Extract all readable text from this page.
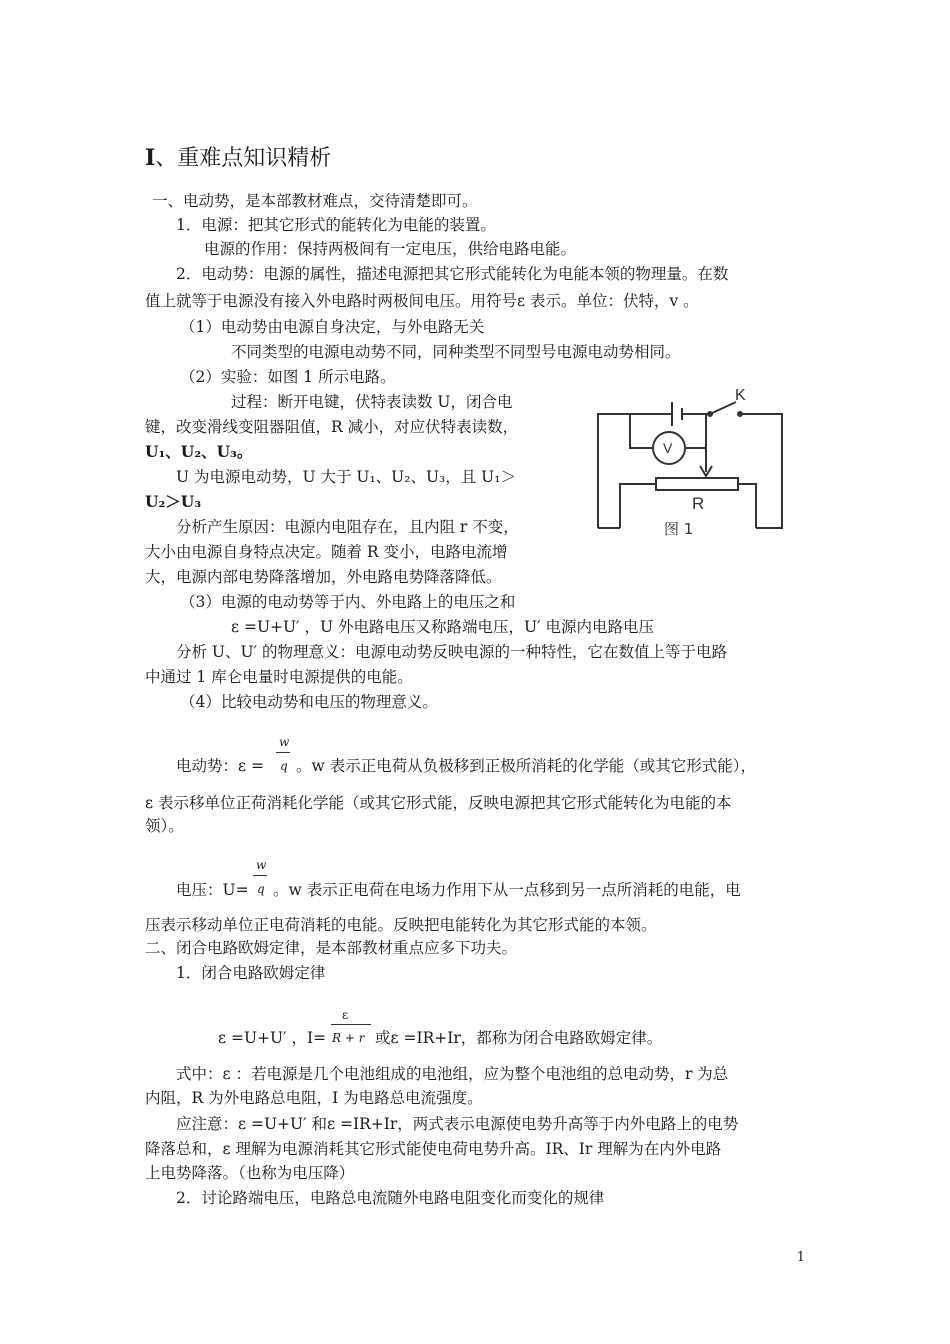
I、重难点知识精析
一、电动势，是本部教材难点，交待清楚即可。
1．电源：把其它形式的能转化为电能的装置。
电源的作用：保持两极间有一定电压，供给电路电能。
2．电动势：电源的属性，描述电源把其它形式能转化为电能本领的物理量。在数
值上就等于电源没有接入外电路时两极间电压。用符号ε 表示。单位：伏特，v 。
（1）电动势由电源自身决定，与外电路无关
不同类型的电源电动势不同，同种类型不同型号电源电动势相同。
（2）实验：如图 1 所示电路。
过程：断开电键，伏特表读数 U，闭合电
键，改变滑线变阻器阻值，R 减小，对应伏特表读数，
U₁、U₂、U₃。
U 为电源电动势，U 大于 U₁、U₂、U₃，且 U₁＞
U₂＞U₃
分析产生原因：电源内电阻存在，且内阻 r 不变，
大小由电源自身特点决定。随着 R 变小，电路电流增
大，电源内部电势降落增加，外电路电势降落降低。
（3）电源的电动势等于内、外电路上的电压之和
ε =U+U′ ，U 外电路电压又称路端电压，U′ 电源内电路电压
分析 U、U′ 的物理意义：电源电动势反映电源的一种特性，它在数值上等于电路
中通过 1 库仑电量时电源提供的电能。
（4）比较电动势和电压的物理意义。
w
电动势：ε = q 。w 表示正电荷从负极移到正极所消耗的化学能（或其它形式能），
ε 表示移单位正荷消耗化学能（或其它形式能，反映电源把其它形式能转化为电能的本
领）。
w
电压：U= q 。w 表示正电荷在电场力作用下从一点移到另一点所消耗的电能，电
压表示移动单位正电荷消耗的电能。反映把电能转化为其它形式能的本领。
二、闭合电路欧姆定律，是本部教材重点应多下功夫。
1．闭合电路欧姆定律
ε
ε =U+U′ ，I= R + r 或ε =IR+Ir，都称为闭合电路欧姆定律。
式中：ε ：若电源是几个电池组成的电池组，应为整个电池组的总电动势，r 为总
内阻，R 为外电路总电阻，I 为电路总电流强度。
应注意：ε =U+U′ 和ε =IR+Ir，两式表示电源使电势升高等于内外电路上的电势
降落总和，ε 理解为电源消耗其它形式能使电荷电势升高。IR、Ir 理解为在内外电路
上电势降落。（也称为电压降）
2．讨论路端电压，电路总电流随外电路电阻变化而变化的规律
K
V
R
图 1
1
